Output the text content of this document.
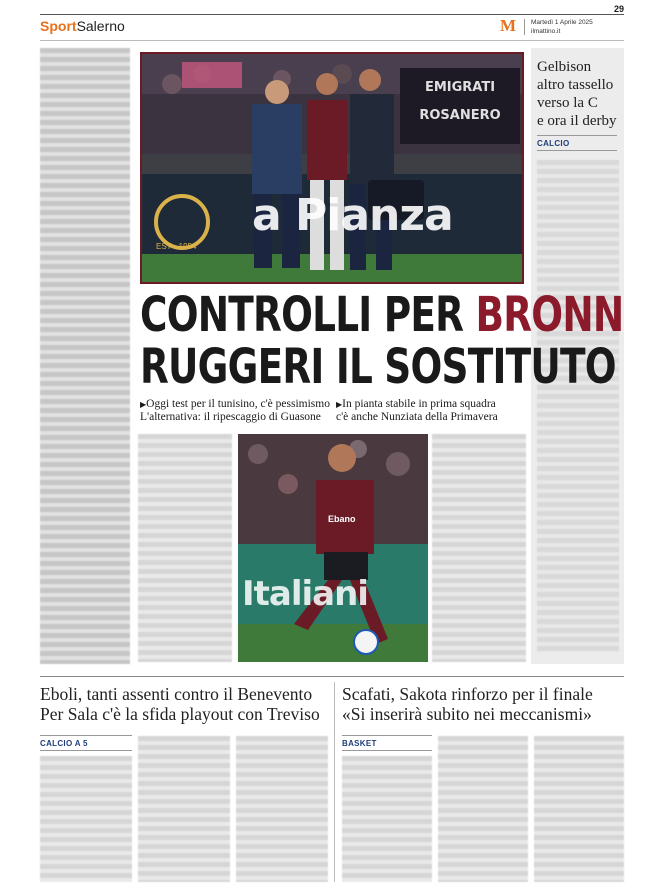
29
SportSalerno	M Martedì 1 Aprile 2025
ilmattino.it
EMIGRATI ROSANERO
a Pianza
EST • 1954
Gelbison
altro tassello
verso la C
e ora il derby
CALCIO
CONTROLLI PER BRONN
RUGGERI IL SOSTITUTO
▶Oggi test per il tunisino, c'è pessimismo
L'alternativa: il ripescaggio di Guasone
▶In pianta stabile in prima squadra
c'è anche Nunziata della Primavera
Italiani
Ebano
Eboli, tanti assenti contro il Benevento
Per Sala c'è la sfida playout con Treviso
CALCIO A 5
Scafati, Sakota rinforzo per il finale
«Si inserirà subito nei meccanismi»
BASKET
